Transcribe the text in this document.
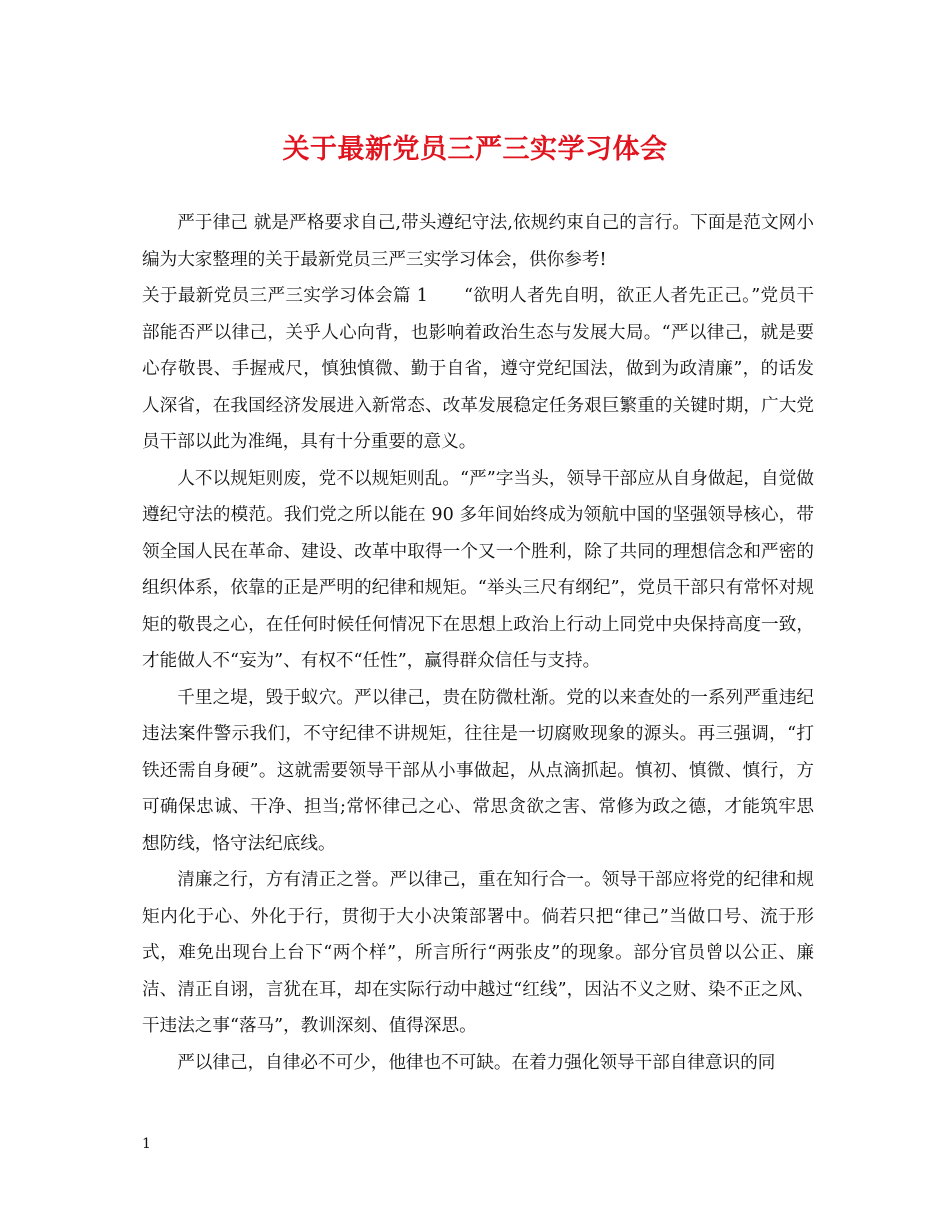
关于最新党员三严三实学习体会

严于律己 就是严格要求自己,带头遵纪守法,依规约束自己的言行。下面是范文网小编为大家整理的关于最新党员三严三实学习体会，供你参考!

关于最新党员三严三实学习体会篇 1 “欲明人者先自明，欲正人者先正己。”党员干部能否严以律己，关乎人心向背，也影响着政治生态与发展大局。“严以律己，就是要心存敬畏、手握戒尺，慎独慎微、勤于自省，遵守党纪国法，做到为政清廉”，的话发人深省，在我国经济发展进入新常态、改革发展稳定任务艰巨繁重的关键时期，广大党员干部以此为准绳，具有十分重要的意义。

人不以规矩则废，党不以规矩则乱。“严”字当头，领导干部应从自身做起，自觉做遵纪守法的模范。我们党之所以能在 90 多年间始终成为领航中国的坚强领导核心，带领全国人民在革命、建设、改革中取得一个又一个胜利，除了共同的理想信念和严密的组织体系，依靠的正是严明的纪律和规矩。“举头三尺有纲纪”，党员干部只有常怀对规矩的敬畏之心，在任何时候任何情况下在思想上政治上行动上同党中央保持高度一致，才能做人不“妄为”、有权不“任性”，赢得群众信任与支持。

千里之堤，毁于蚁穴。严以律己，贵在防微杜渐。党的以来查处的一系列严重违纪违法案件警示我们，不守纪律不讲规矩，往往是一切腐败现象的源头。再三强调，“打铁还需自身硬”。这就需要领导干部从小事做起，从点滴抓起。慎初、慎微、慎行，方可确保忠诚、干净、担当;常怀律己之心、常思贪欲之害、常修为政之德，才能筑牢思想防线，恪守法纪底线。

清廉之行，方有清正之誉。严以律己，重在知行合一。领导干部应将党的纪律和规矩内化于心、外化于行，贯彻于大小决策部署中。倘若只把“律己”当做口号、流于形式，难免出现台上台下“两个样”，所言所行“两张皮”的现象。部分官员曾以公正、廉洁、清正自诩，言犹在耳，却在实际行动中越过“红线”，因沾不义之财、染不正之风、干违法之事“落马”，教训深刻、值得深思。

严以律己，自律必不可少，他律也不可缺。在着力强化领导干部自律意识的同

1
